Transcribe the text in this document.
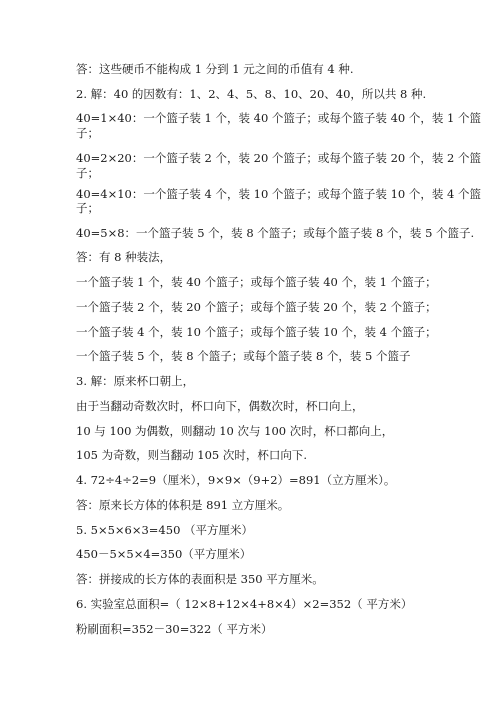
答：这些硬币不能构成 1 分到 1 元之间的币值有 4 种.
2. 解：40 的因数有：1、2、4、5、8、10、20、40，所以共 8 种.
40=1×40：一个篮子装 1 个，装 40 个篮子；或每个篮子装 40 个，装 1 个篮
子；
40=2×20：一个篮子装 2 个，装 20 个篮子；或每个篮子装 20 个，装 2 个篮
子；
40=4×10：一个篮子装 4 个，装 10 个篮子；或每个篮子装 10 个，装 4 个篮
子；
40=5×8：一个篮子装 5 个，装 8 个篮子；或每个篮子装 8 个，装 5 个篮子.
答：有 8 种装法，
一个篮子装 1 个，装 40 个篮子；或每个篮子装 40 个，装 1 个篮子；
一个篮子装 2 个，装 20 个篮子；或每个篮子装 20 个，装 2 个篮子；
一个篮子装 4 个，装 10 个篮子；或每个篮子装 10 个，装 4 个篮子；
一个篮子装 5 个，装 8 个篮子；或每个篮子装 8 个，装 5 个篮子
3. 解：原来杯口朝上，
由于当翻动奇数次时，杯口向下，偶数次时，杯口向上，
10 与 100 为偶数，则翻动 10 次与 100 次时，杯口都向上，
105 为奇数，则当翻动 105 次时，杯口向下.
4. 72÷4÷2=9（厘米），9×9×（9+2）=891（立方厘米）。
答：原来长方体的体积是 891 立方厘米。
5. 5×5×6×3=450 （平方厘米）
450－5×5×4=350（平方厘米）
答：拼接成的长方体的表面积是 350 平方厘米。
6. 实验室总面积=（ 12×8+12×4+8×4）×2=352（ 平方米）
粉刷面积=352－30=322（ 平方米）
